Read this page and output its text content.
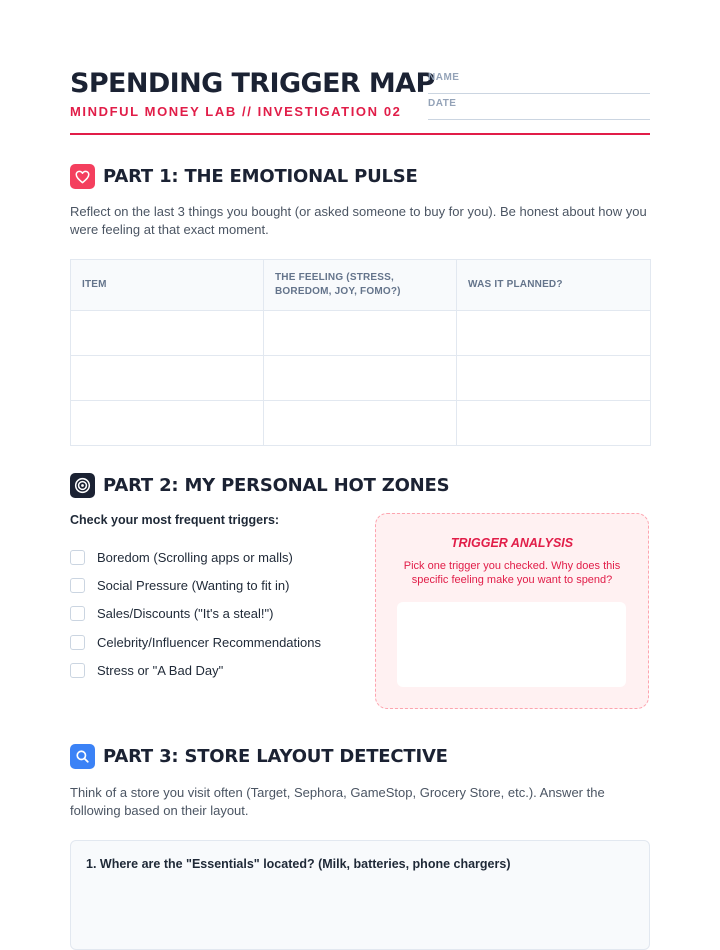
SPENDING TRIGGER MAP
MINDFUL MONEY LAB // INVESTIGATION 02
NAME
DATE
PART 1: THE EMOTIONAL PULSE
Reflect on the last 3 things you bought (or asked someone to buy for you). Be honest about how you were feeling at that exact moment.
ITEM	THE FEELING (STRESS, BOREDOM, JOY, FOMO?)	WAS IT PLANNED?

PART 2: MY PERSONAL HOT ZONES
Check your most frequent triggers:
Boredom (Scrolling apps or malls)
Social Pressure (Wanting to fit in)
Sales/Discounts ("It's a steal!")
Celebrity/Influencer Recommendations
Stress or "A Bad Day"
TRIGGER ANALYSIS
Pick one trigger you checked. Why does this specific feeling make you want to spend?
PART 3: STORE LAYOUT DETECTIVE
Think of a store you visit often (Target, Sephora, GameStop, Grocery Store, etc.). Answer the following based on their layout.
1. Where are the "Essentials" located? (Milk, batteries, phone chargers)
